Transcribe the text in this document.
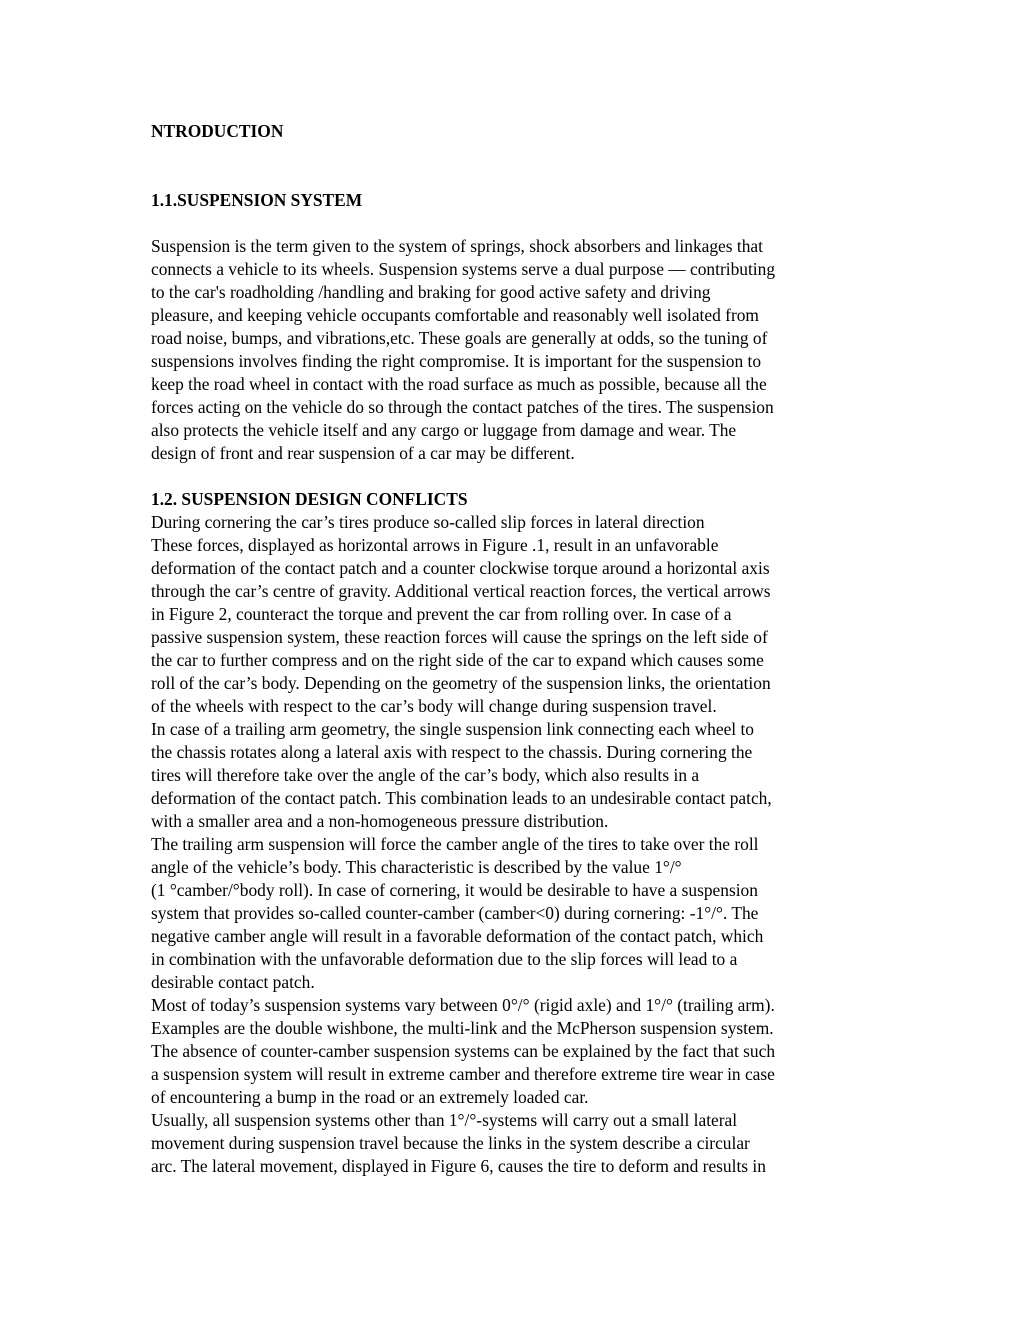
NTRODUCTION
1.1.SUSPENSION SYSTEM
Suspension is the term given to the system of springs, shock absorbers and linkages that
connects a vehicle to its wheels. Suspension systems serve a dual purpose — contributing
to the car's roadholding /handling and braking for good active safety and driving
pleasure, and keeping vehicle occupants comfortable and reasonably well isolated from
road noise, bumps, and vibrations,etc. These goals are generally at odds, so the tuning of
suspensions involves finding the right compromise. It is important for the suspension to
keep the road wheel in contact with the road surface as much as possible, because all the
forces acting on the vehicle do so through the contact patches of the tires. The suspension
also protects the vehicle itself and any cargo or luggage from damage and wear. The
design of front and rear suspension of a car may be different.
1.2. SUSPENSION DESIGN CONFLICTS
During cornering the car’s tires produce so-called slip forces in lateral direction
These forces, displayed as horizontal arrows in Figure .1, result in an unfavorable
deformation of the contact patch and a counter clockwise torque around a horizontal axis
through the car’s centre of gravity. Additional vertical reaction forces, the vertical arrows
in Figure 2, counteract the torque and prevent the car from rolling over. In case of a
passive suspension system, these reaction forces will cause the springs on the left side of
the car to further compress and on the right side of the car to expand which causes some
roll of the car’s body. Depending on the geometry of the suspension links, the orientation
of the wheels with respect to the car’s body will change during suspension travel.
In case of a trailing arm geometry, the single suspension link connecting each wheel to
the chassis rotates along a lateral axis with respect to the chassis. During cornering the
tires will therefore take over the angle of the car’s body, which also results in a
deformation of the contact patch. This combination leads to an undesirable contact patch,
with a smaller area and a non-homogeneous pressure distribution.
The trailing arm suspension will force the camber angle of the tires to take over the roll
angle of the vehicle’s body. This characteristic is described by the value 1°/°
(1 °camber/°body roll). In case of cornering, it would be desirable to have a suspension
system that provides so-called counter-camber (camber<0) during cornering: -1°/°. The
negative camber angle will result in a favorable deformation of the contact patch, which
in combination with the unfavorable deformation due to the slip forces will lead to a
desirable contact patch.
Most of today’s suspension systems vary between 0°/° (rigid axle) and 1°/° (trailing arm).
Examples are the double wishbone, the multi-link and the McPherson suspension system.
The absence of counter-camber suspension systems can be explained by the fact that such
a suspension system will result in extreme camber and therefore extreme tire wear in case
of encountering a bump in the road or an extremely loaded car.
Usually, all suspension systems other than 1°/°-systems will carry out a small lateral
movement during suspension travel because the links in the system describe a circular
arc. The lateral movement, displayed in Figure 6, causes the tire to deform and results in
